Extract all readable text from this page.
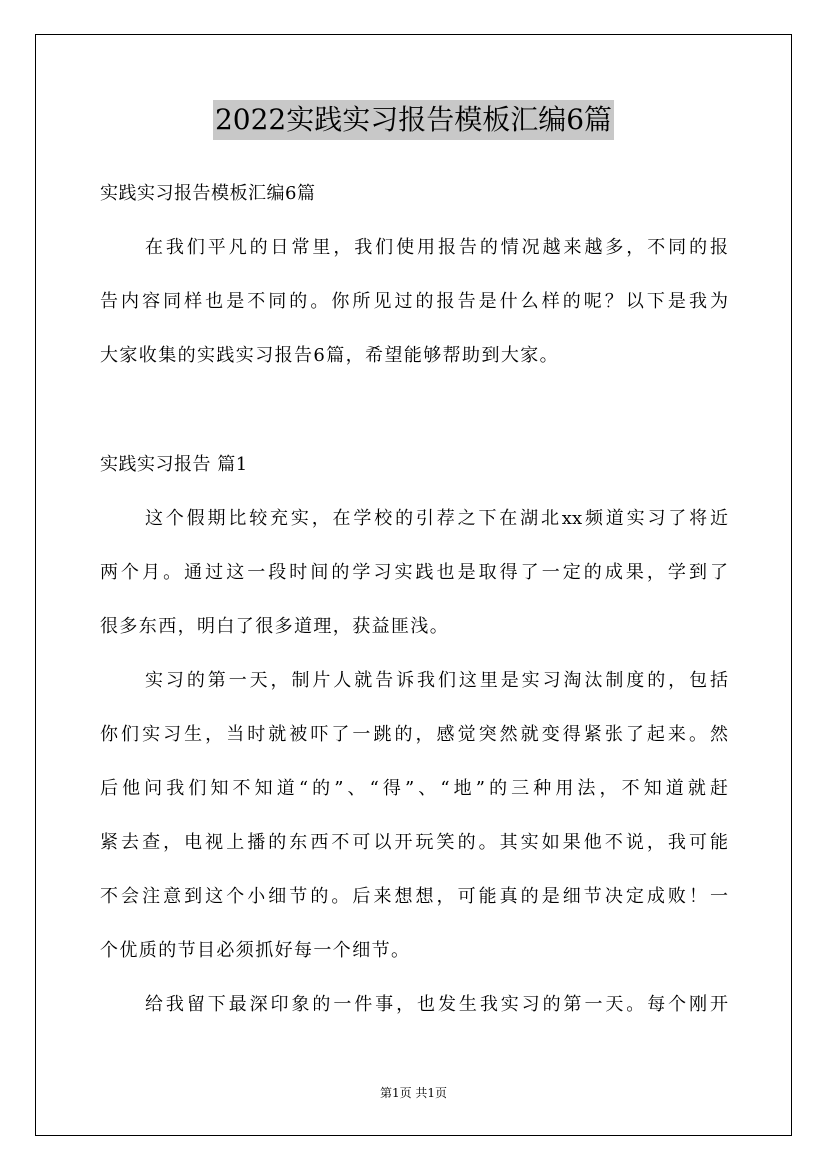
2022实践实习报告模板汇编6篇
实践实习报告模板汇编6篇
在我们平凡的日常里，我们使用报告的情况越来越多，不同的报
告内容同样也是不同的。你所见过的报告是什么样的呢？以下是我为
大家收集的实践实习报告6篇，希望能够帮助到大家。
实践实习报告 篇1
这个假期比较充实，在学校的引荐之下在湖北xx频道实习了将近
两个月。通过这一段时间的学习实践也是取得了一定的成果，学到了
很多东西，明白了很多道理，获益匪浅。
实习的第一天，制片人就告诉我们这里是实习淘汰制度的，包括
你们实习生，当时就被吓了一跳的，感觉突然就变得紧张了起来。然
后他问我们知不知道“的”、“得”、“地”的三种用法，不知道就赶
紧去查，电视上播的东西不可以开玩笑的。其实如果他不说，我可能
不会注意到这个小细节的。后来想想，可能真的是细节决定成败！一
个优质的节目必须抓好每一个细节。
给我留下最深印象的一件事，也发生我实习的第一天。每个刚开
第1页 共1页
